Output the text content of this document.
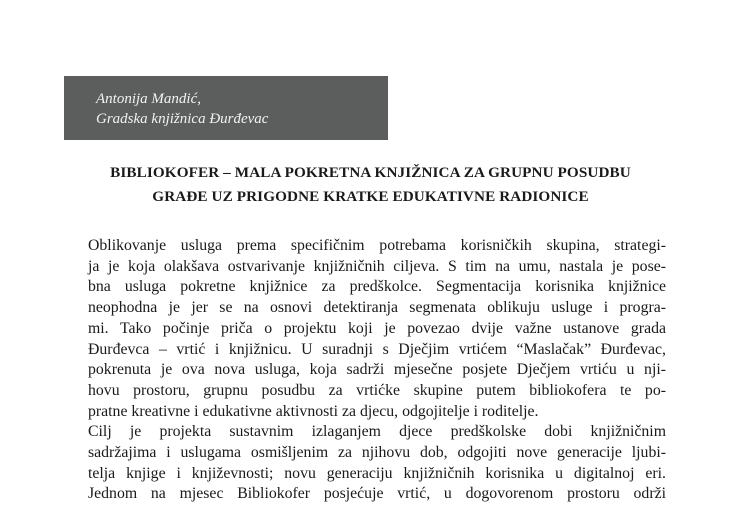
Antonija Mandić,
Gradska knjižnica Đurđevac
BIBLIOKOFER – MALA POKRETNA KNJIŽNICA ZA GRUPNU POSUDBU
GRAĐE UZ PRIGODNE KRATKE EDUKATIVNE RADIONICE
Oblikovanje usluga prema specifičnim potrebama korisničkih skupina, strategi-
ja je koja olakšava ostvarivanje knjižničnih ciljeva. S tim na umu, nastala je pose-
bna usluga pokretne knjižnice za predškolce. Segmentacija korisnika knjižnice
neophodna je jer se na osnovi detektiranja segmenata oblikuju usluge i progra-
mi. Tako počinje priča o projektu koji je povezao dvije važne ustanove grada
Đurđevca – vrtić i knjižnicu. U suradnji s Dječjim vrtićem “Maslačak” Đurđevac,
pokrenuta je ova nova usluga, koja sadrži mjesečne posjete Dječjem vrtiću u nji-
hovu prostoru, grupnu posudbu za vrtićke skupine putem bibliokofera te po-
pratne kreativne i edukativne aktivnosti za djecu, odgojitelje i roditelje.
Cilj je projekta sustavnim izlaganjem djece predškolske dobi knjižničnim
sadržajima i uslugama osmišljenim za njihovu dob, odgojiti nove generacije ljubi-
telja knjige i književnosti; novu generaciju knjižničnih korisnika u digitalnoj eri.
Jednom na mjesec Bibliokofer posjećuje vrtić, u dogovorenom prostoru održi
